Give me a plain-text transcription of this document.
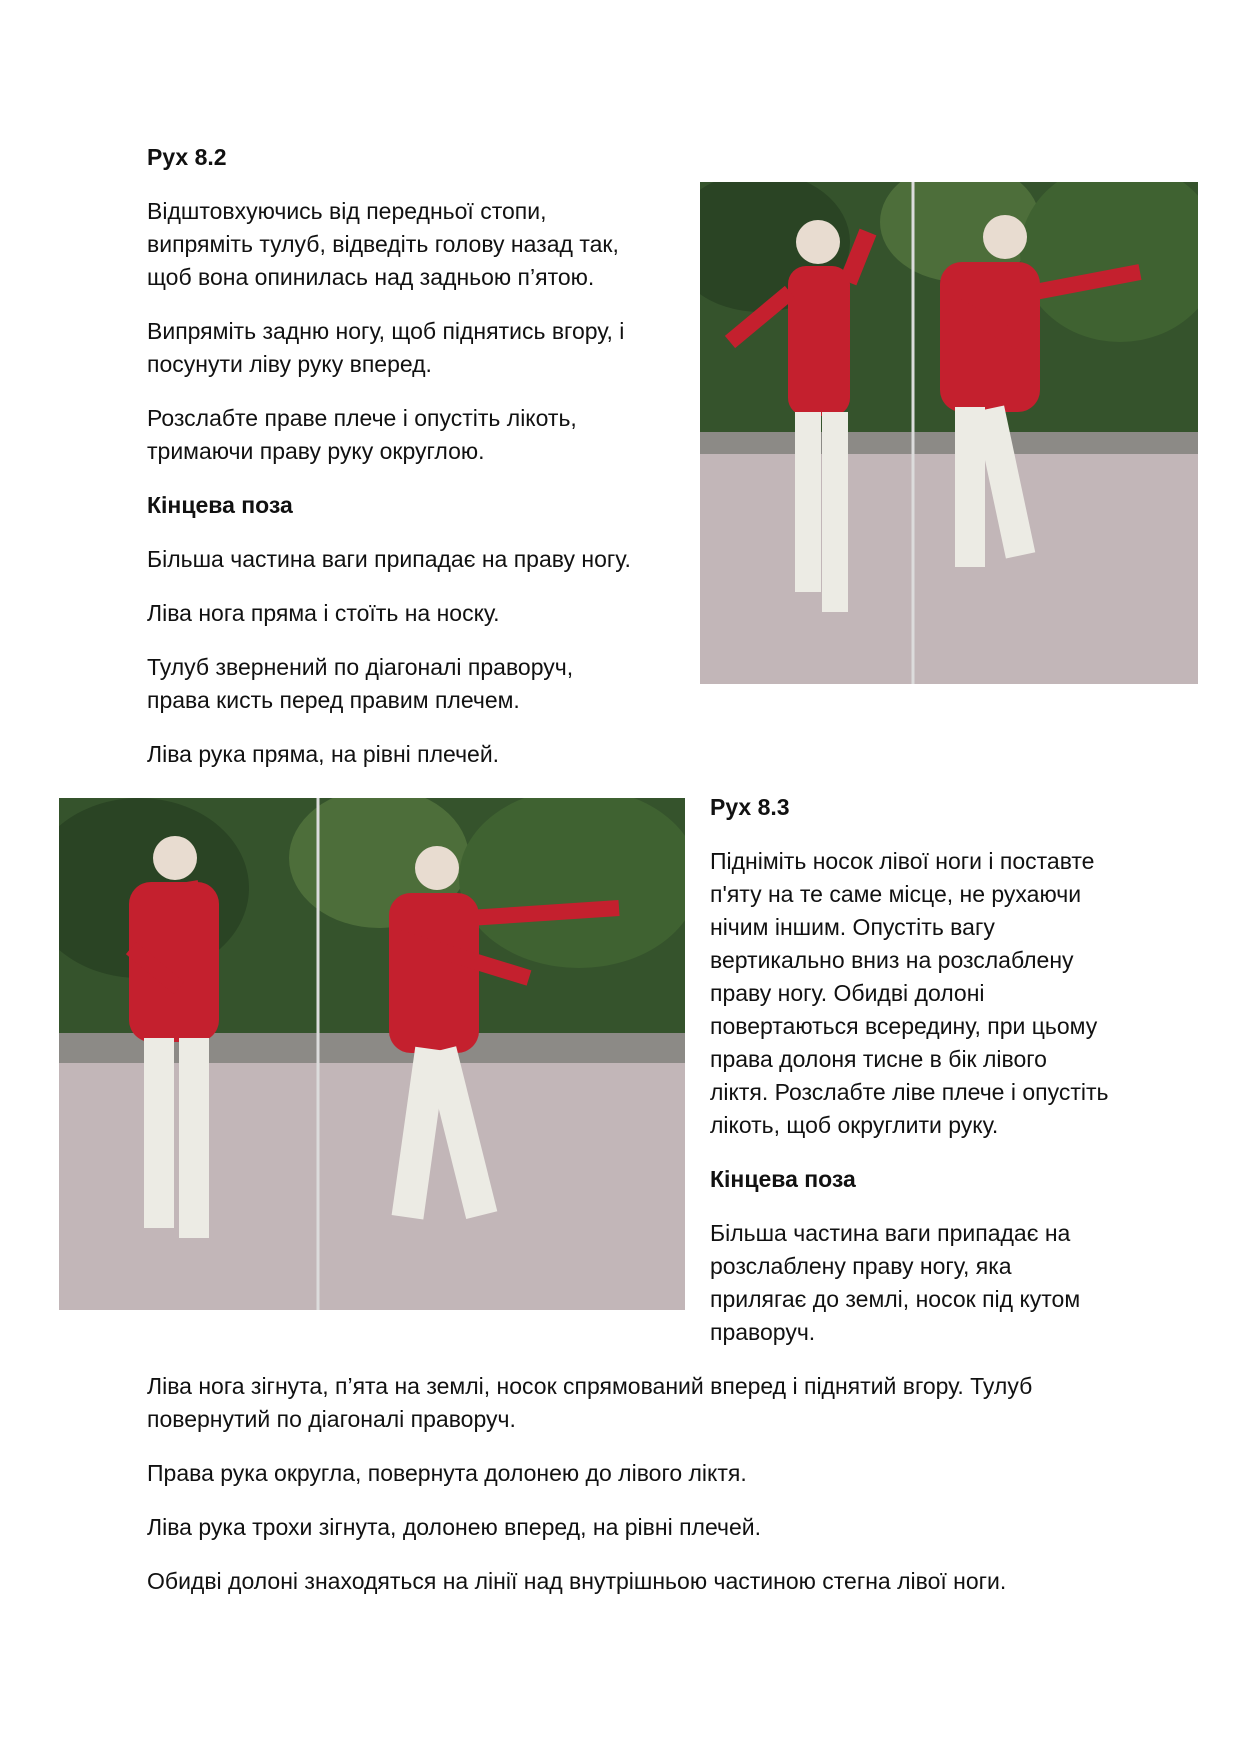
Рух 8.2

Відштовхуючись від передньої стопи,
випряміть тулуб, відведіть голову назад так,
щоб вона опинилась над задньою п’ятою.

Випряміть задню ногу, щоб піднятись вгору, і
посунути ліву руку вперед.

Розслабте праве плече і опустіть лікоть,
тримаючи праву руку округлою.

Кінцева поза

Більша частина ваги припадає на праву ногу.

Ліва нога пряма і стоїть на носку.

Тулуб звернений по діагоналі праворуч,
права кисть перед правим плечем.

Ліва рука пряма, на рівні плечей.

Рух 8.3

Підніміть носок лівої ноги і поставте
п'яту на те саме місце, не рухаючи
нічим іншим. Опустіть вагу
вертикально вниз на розслаблену
праву ногу. Обидві долоні
повертаються всередину, при цьому
права долоня тисне в бік лівого
ліктя. Розслабте ліве плече і опустіть
лікоть, щоб округлити руку.

Кінцева поза

Більша частина ваги припадає на
розслаблену праву ногу, яка
прилягає до землі, носок під кутом
праворуч.

Ліва нога зігнута, п’ята на землі, носок спрямований вперед і піднятий вгору. Тулуб
повернутий по діагоналі праворуч.

Права рука округла, повернута долонею до лівого ліктя.

Ліва рука трохи зігнута, долонею вперед, на рівні плечей.

Обидві долоні знаходяться на лінії над внутрішньою частиною стегна лівої ноги.
